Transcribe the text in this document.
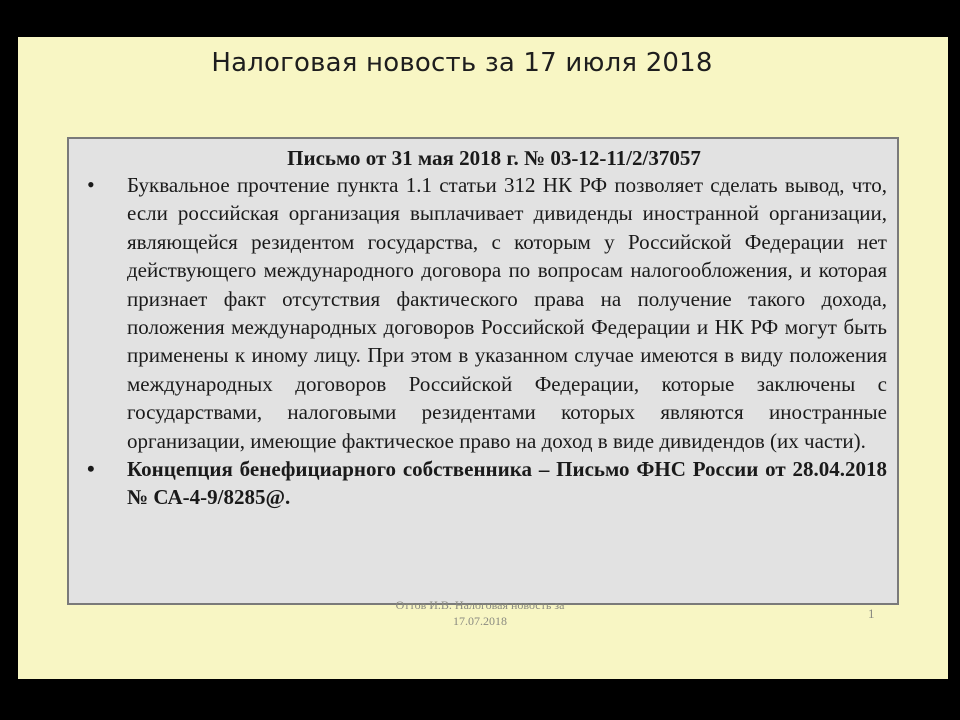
Письмо от 31 мая 2018 г. № 03-12-11/2/37057
• Буквальное прочтение пункта 1.1 статьи 312 НК РФ позволяет сделать вывод, что, если российская организация выплачивает дивиденды иностранной организации, являющейся резидентом государства, с которым у Российской Федерации нет действующего международного договора по вопросам налогообложения, и которая признает факт отсутствия фактического права на получение такого дохода, положения международных договоров Российской Федерации и НК РФ могут быть применены к иному лицу. При этом в указанном случае имеются в виду положения международных договоров Российской Федерации, которые заключены с государствами, налоговыми резидентами которых являются иностранные организации, имеющие фактическое право на доход в виде дивидендов (их части).
• Концепция бенефициарного собственника – Письмо ФНС России от 28.04.2018 № СА-4-9/8285@.
Налоговая новость за 17 июля 2018
Оттов И.В. Налоговая новость за
17.07.2018	1
